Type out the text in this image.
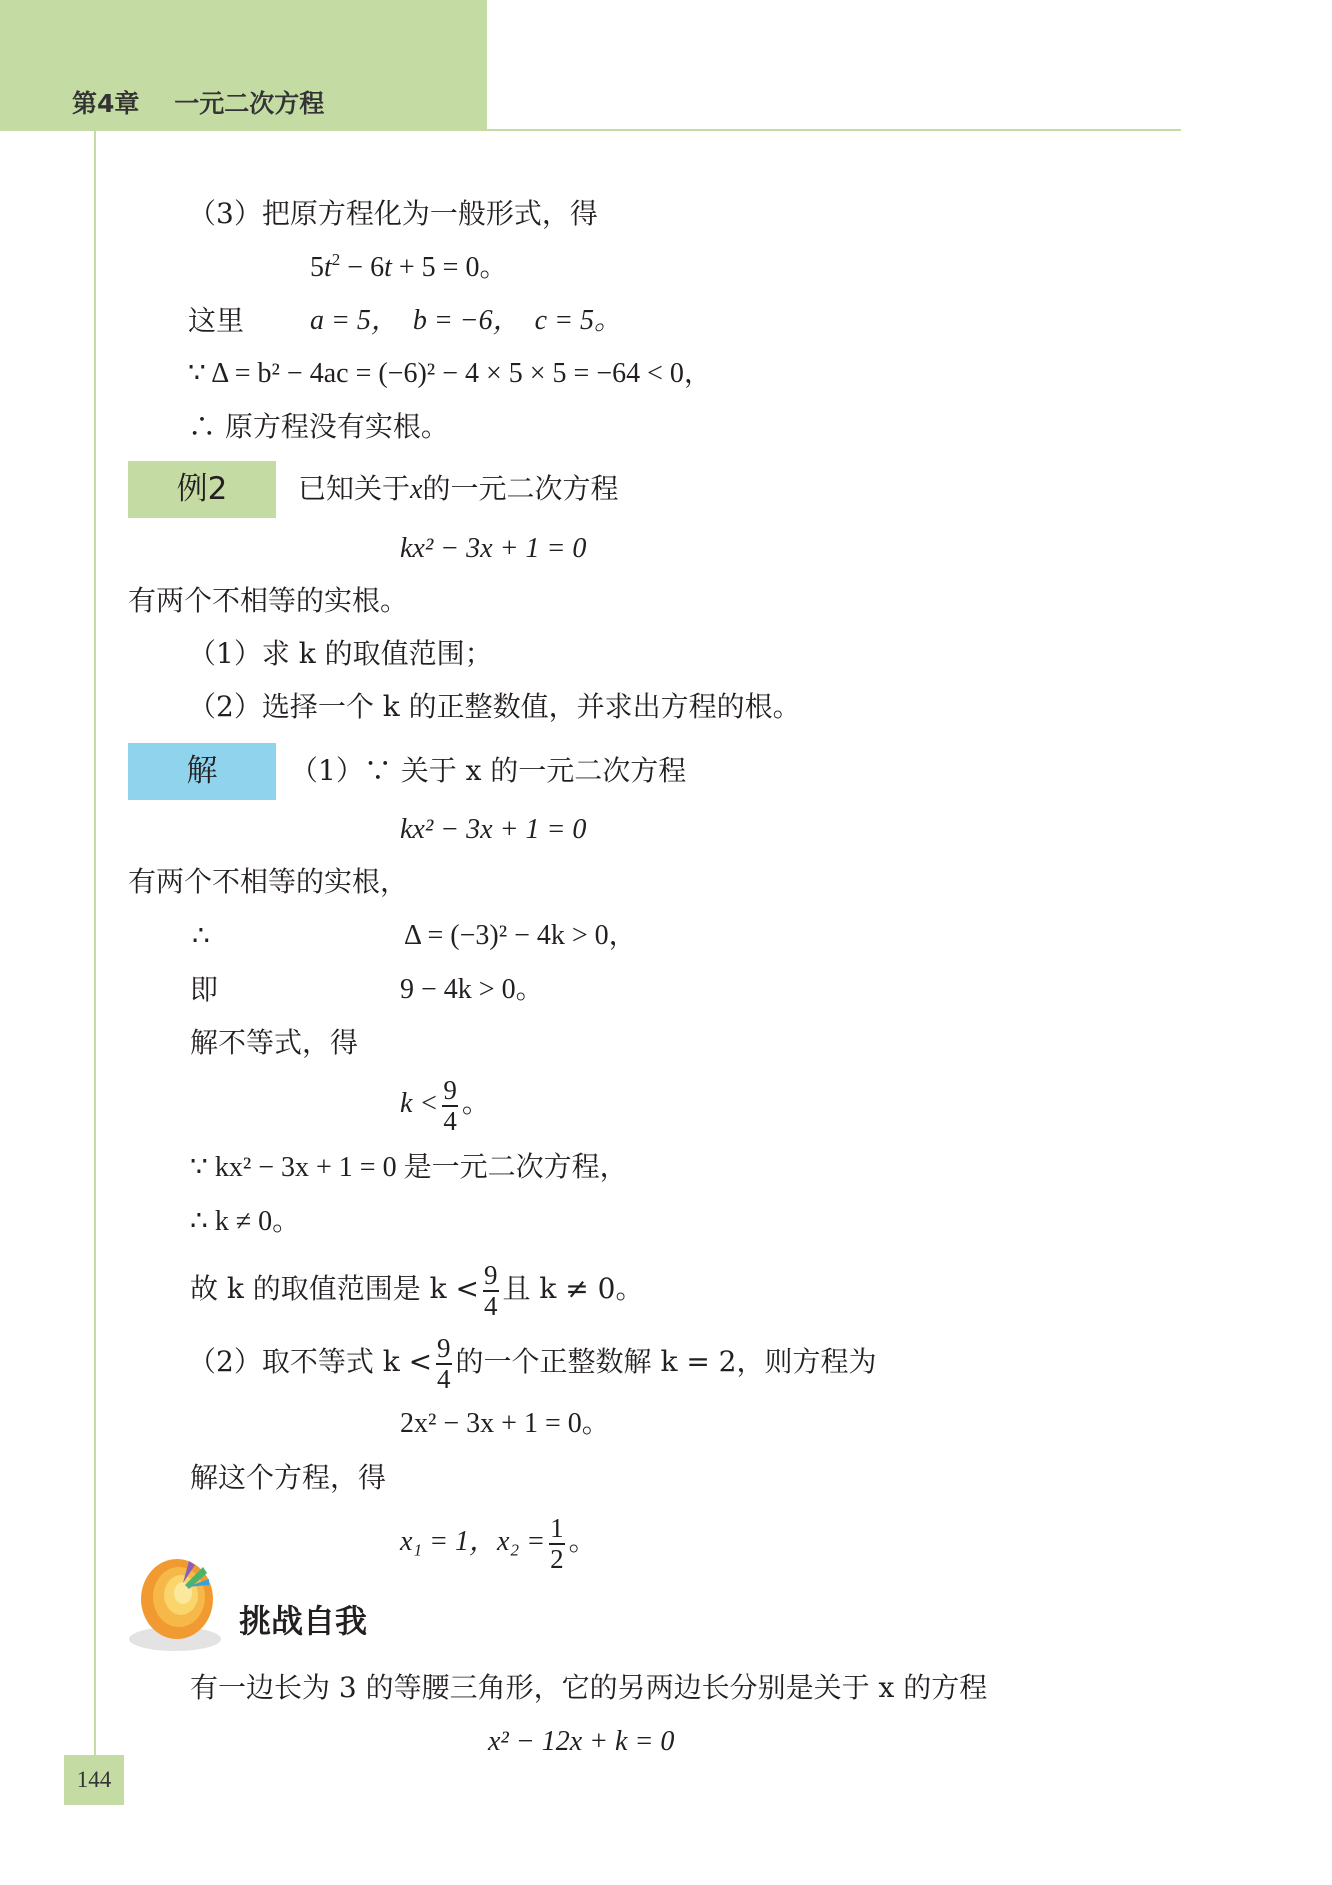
第4章    一元二次方程
144
（3）把原方程化为一般形式，得
$5t^2 - 6t + 5 = 0$。
这里 a = 5，  b = −6，  c = 5。
∵ Δ = b² − 4ac = (−6)² − 4 × 5 × 5 = −64 < 0，
∴ 原方程没有实根。
例2	已知关于x的一元二次方程
kx² − 3x + 1 = 0
有两个不相等的实根。
（1）求 k 的取值范围；
（2）选择一个 k 的正整数值，并求出方程的根。
解	（1）∵ 关于 x 的一元二次方程
kx² − 3x + 1 = 0
有两个不相等的实根，
∴	Δ = (−3)² − 4k > 0，
即	9 − 4k > 0。
解不等式，得
$k < \frac{9}{4}$ 。
∵ kx² − 3x + 1 = 0 是一元二次方程，
∴ k ≠ 0。
故 k 的取值范围是 $k < \frac{9}{4}$ 且 k ≠ 0。
（2）取不等式 $k < \frac{9}{4}$ 的一个正整数解 k = 2，则方程为
2x² − 3x + 1 = 0。
解这个方程，得
x₁ = 1，$x_2 = \frac{1}{2}$ 。
挑战自我
有一边长为 3 的等腰三角形，它的另两边长分别是关于 x 的方程
x² − 12x + k = 0
